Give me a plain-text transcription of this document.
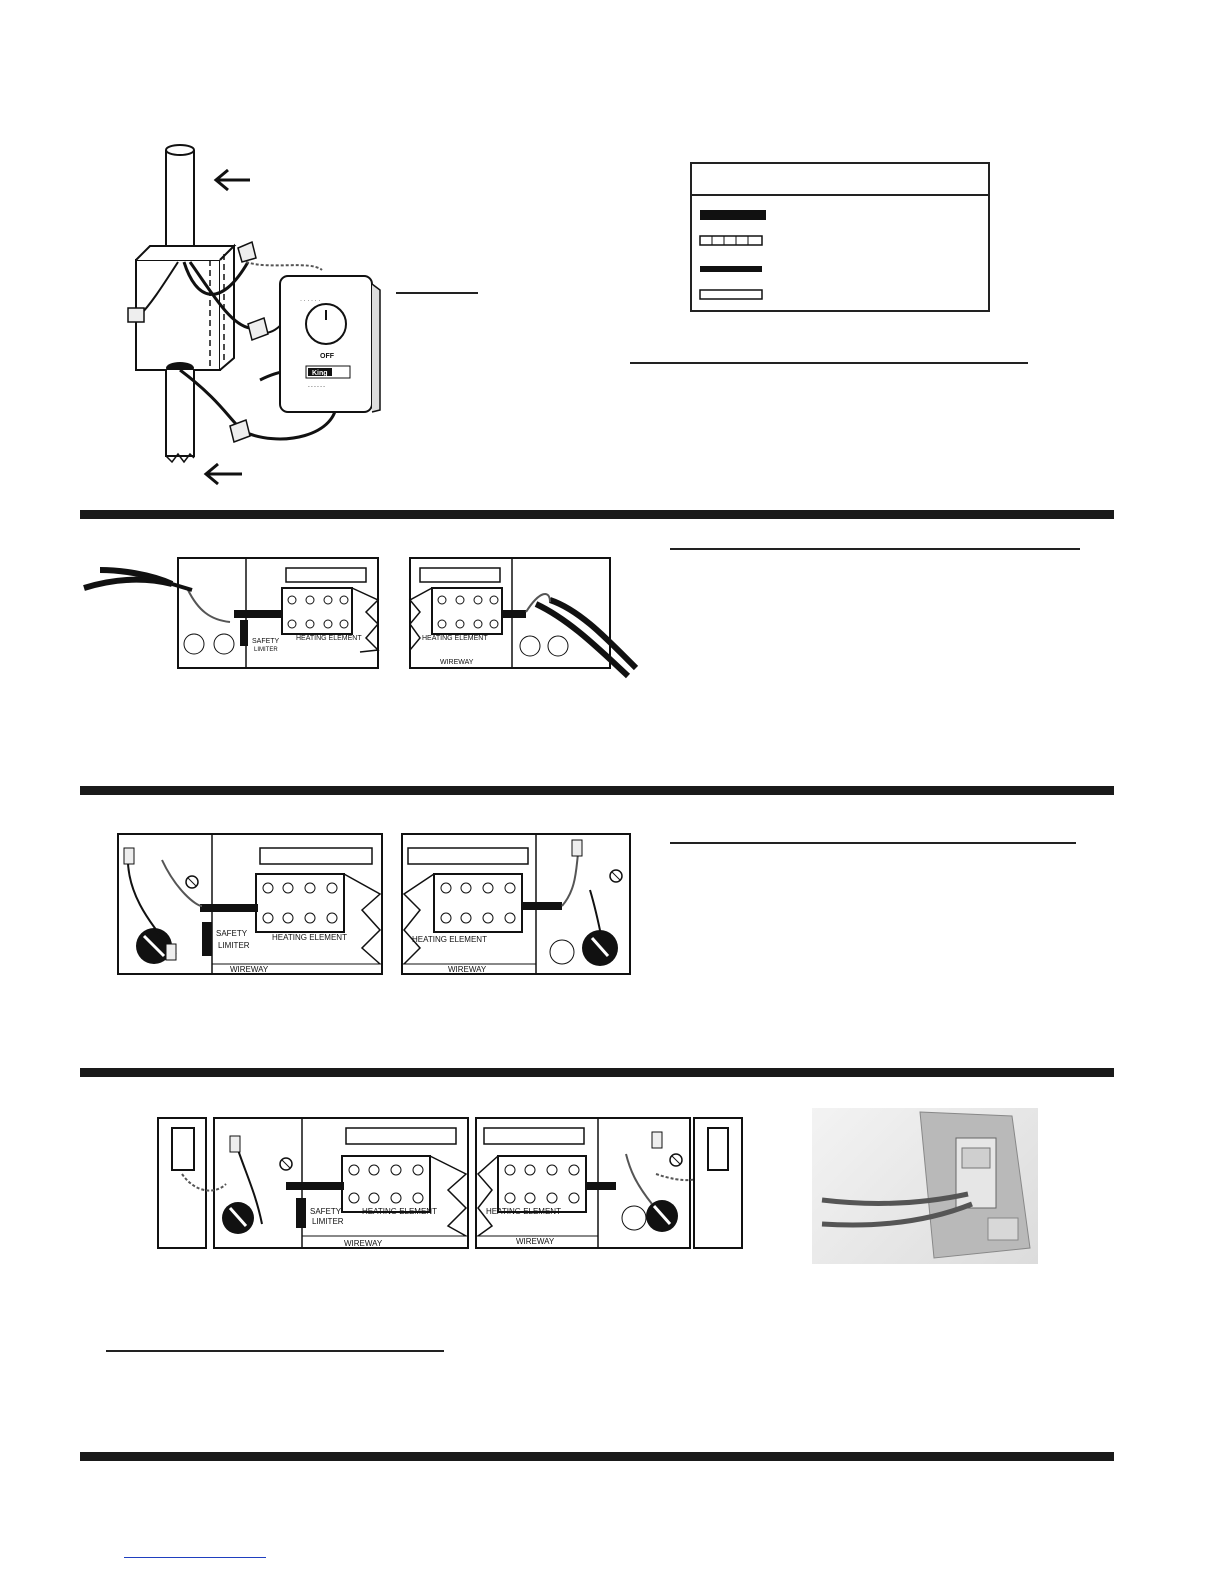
· · · · · ·
OFF
King
- - - - - -
SAFETY
LIMITER
HEATING ELEMENT	HEATING ELEMENT
WIREWAY
SAFETY
LIMITER
HEATING ELEMENT
WIREWAY
HEATING ELEMENT
WIREWAY
SAFETY
LIMITER
HEATING ELEMENT
WIREWAY
HEATING ELEMENT
WIREWAY
